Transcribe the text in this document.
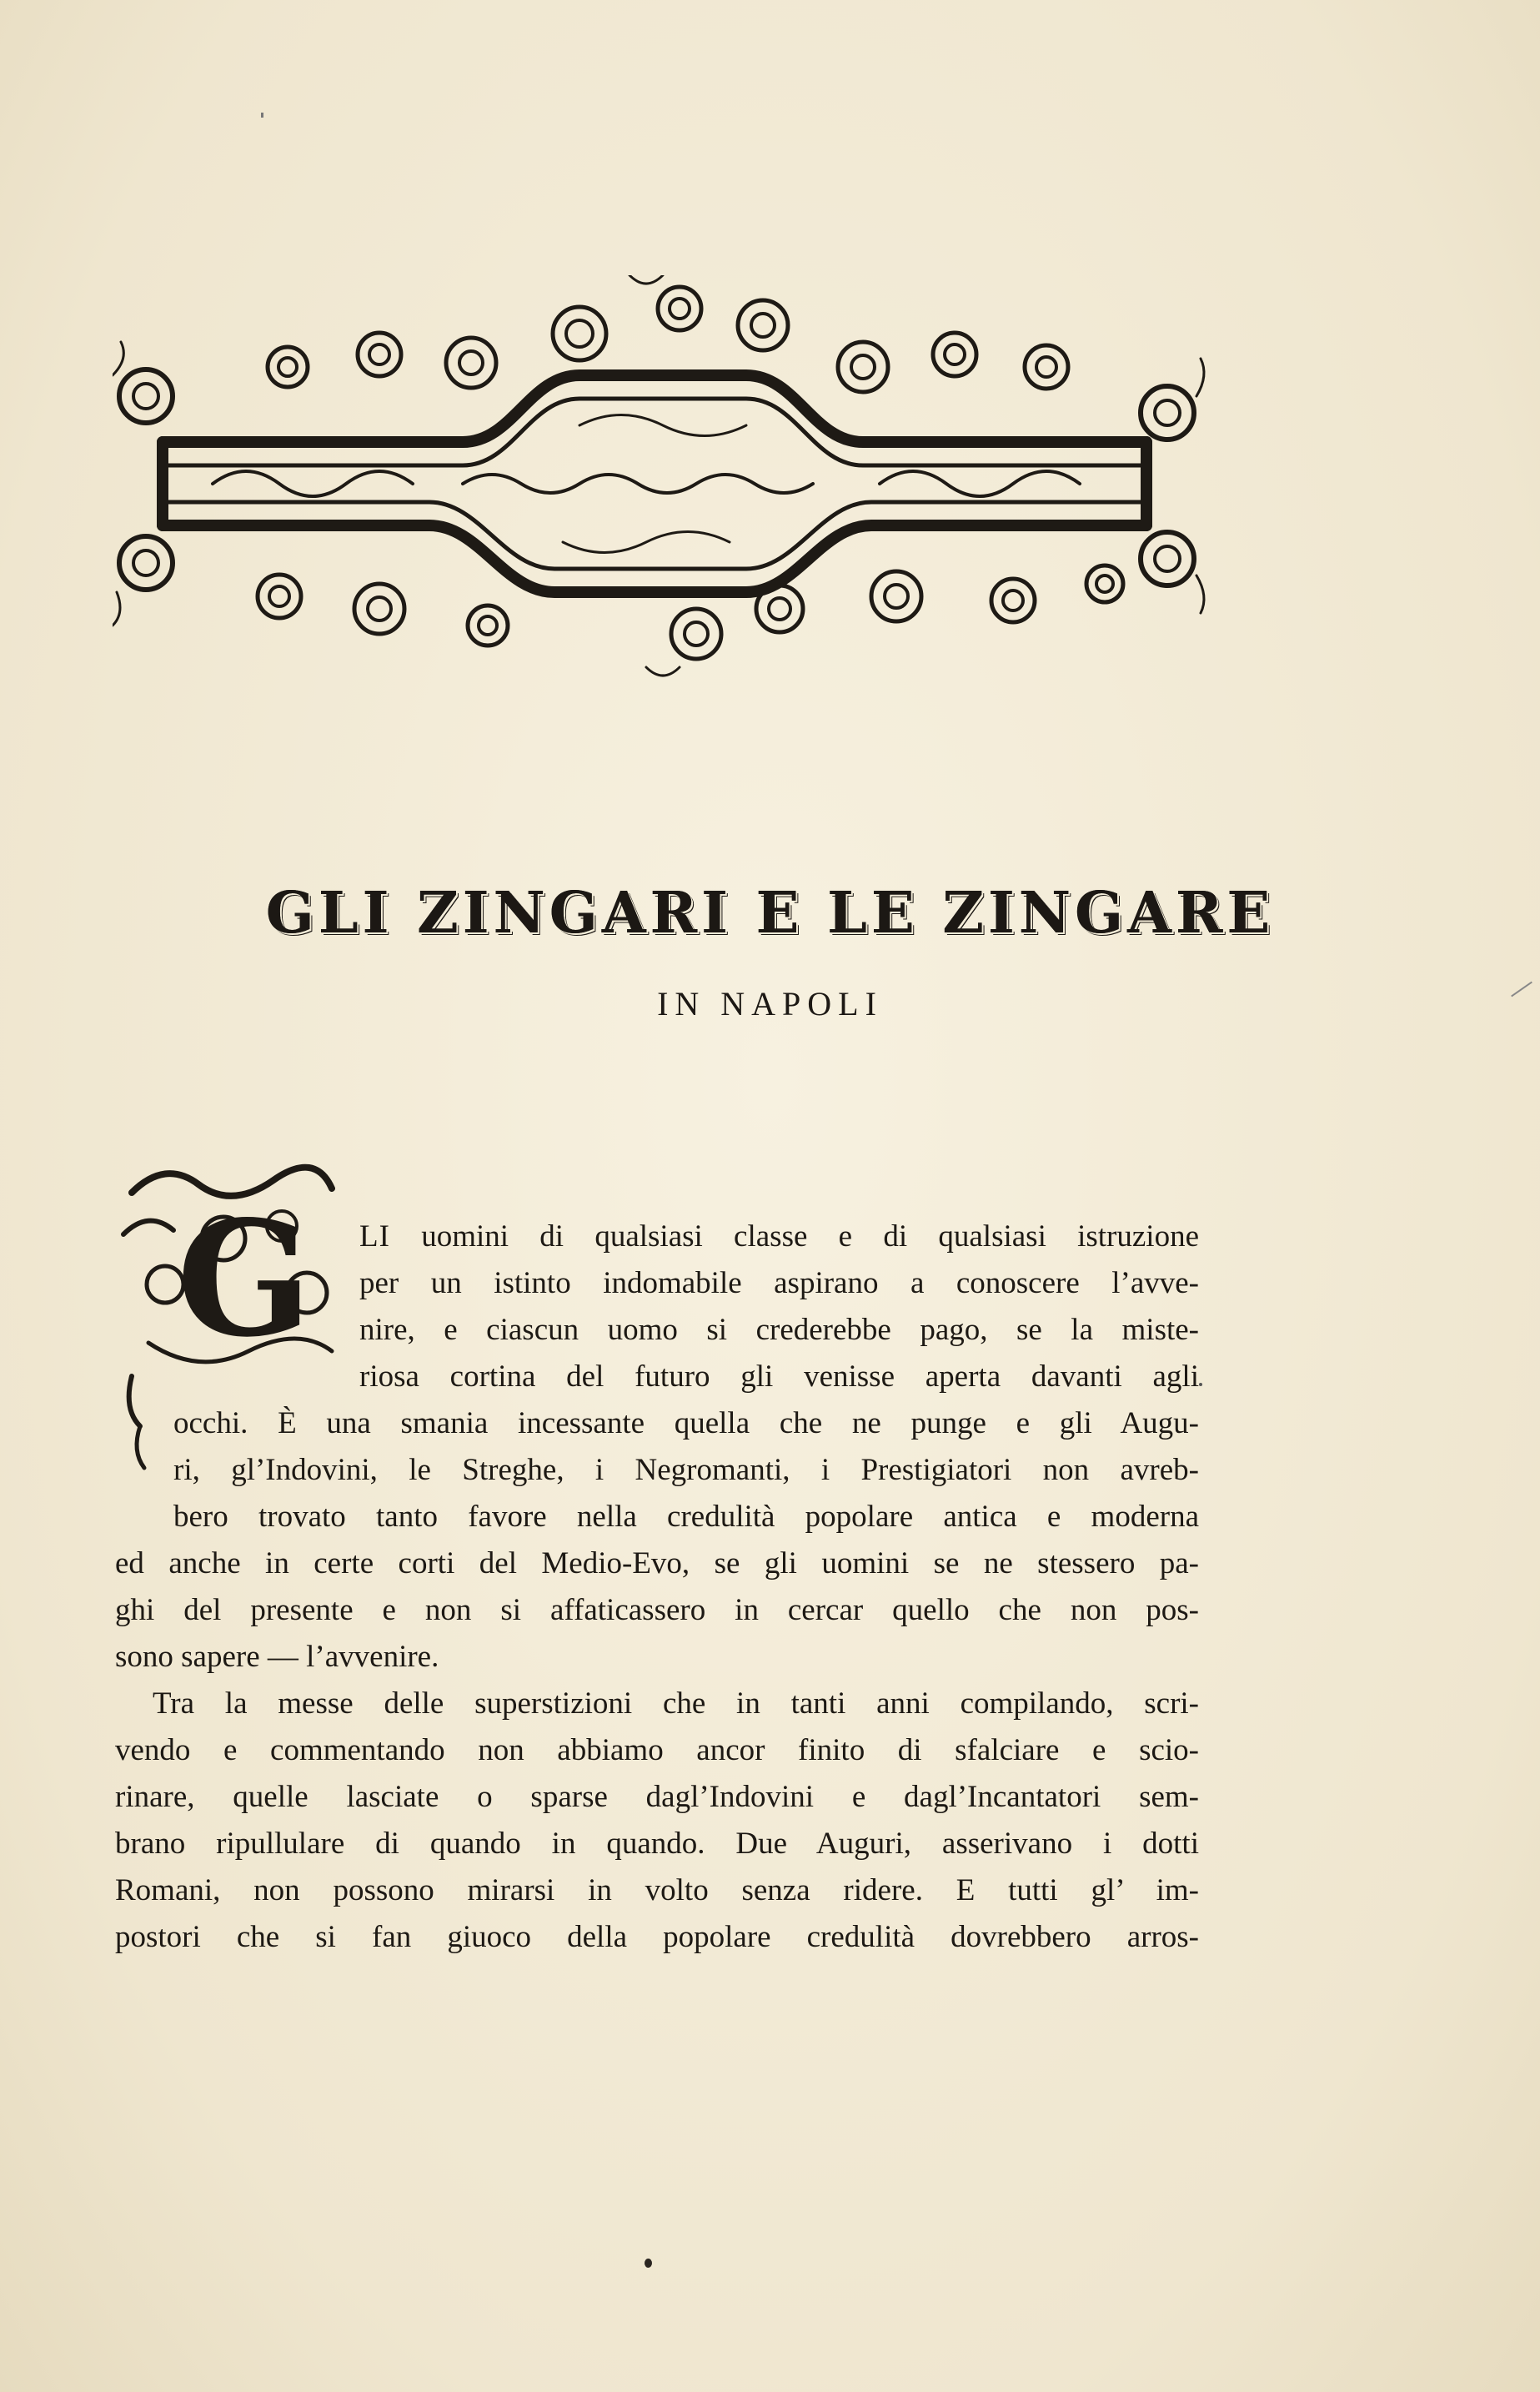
GLI ZINGARI E LE ZINGARE
IN NAPOLI
G	LI uomini di qualsiasi classe e di qualsiasi istruzione
per un istinto indomabile aspirano a conoscere l’avve-
nire, e ciascun uomo si crederebbe pago, se la miste-
riosa cortina del futuro gli venisse aperta davanti agli
occhi. È una smania incessante quella che ne punge e gli Augu-
ri, gl’Indovini, le Streghe, i Negromanti, i Prestigiatori non avreb-
bero trovato tanto favore nella credulità popolare antica e moderna
ed anche in certe corti del Medio-Evo, se gli uomini se ne stessero pa-
ghi del presente e non si affaticassero in cercar quello che non pos-
sono sapere — l’avvenire.
Tra la messe delle superstizioni che in tanti anni compilando, scri-
vendo e commentando non abbiamo ancor finito di sfalciare e scio-
rinare, quelle lasciate o sparse dagl’Indovini e dagl’Incantatori sem-
brano ripullulare di quando in quando. Due Auguri, asserivano i dotti
Romani, non possono mirarsi in volto senza ridere. E tutti gl’ im-
postori che si fan giuoco della popolare credulità dovrebbero arros-
